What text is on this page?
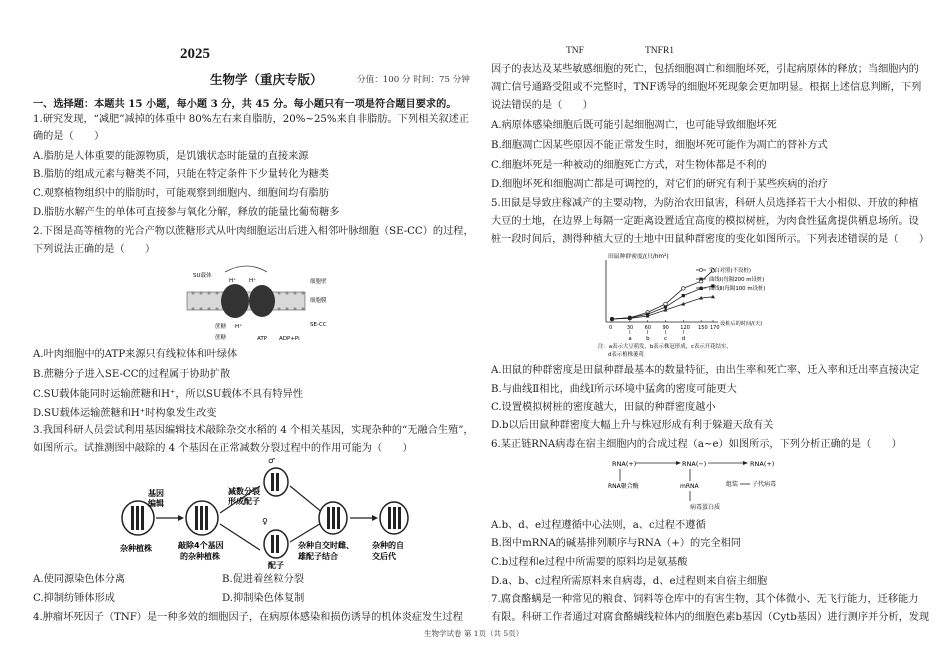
2025
生物学（重庆专版）	分值：100 分 时间：75 分钟
一、选择题：本题共 15 小题，每小题 3 分，共 45 分。每小题只有一项是符合题目要求的。
1.研究发现，“减肥”减掉的体重中 80%左右来自脂肪，20%~25%来自非脂肪。下列相关叙述正
确的是（　　）
A.脂肪是人体重要的能源物质，是饥饿状态时能量的直接来源
B.脂肪的组成元素与糖类不同，只能在特定条件下少量转化为糖类
C.观察植物组织中的脂肪时，可能观察到细胞内、细胞间均有脂肪
D.脂肪水解产生的单体可直接参与氧化分解，释放的能量比葡萄糖多
2.下图是高等植物的光合产物以蔗糖形式从叶肉细胞运出后进入相邻叶脉细胞（SE-CC）的过程，
下列说法正确的是（　　）
SU载体
H⁺ H⁺	细胞壁
细胞膜
SE-CC
蔗糖 H⁺
蔗糖	ATP ADP+Pi
A.叶肉细胞中的ATP来源只有线粒体和叶绿体
B.蔗糖分子进入SE-CC的过程属于协助扩散
C.SU载体能同时运输蔗糖和H⁺，所以SU载体不具有特异性
D.SU载体运输蔗糖和H⁺时构象发生改变
3.我国科研人员尝试利用基因编辑技术敲除杂交水稻的 4 个相关基因，实现杂种的“无融合生殖”，
如图所示。试推测图中敲除的 4 个基因在正常减数分裂过程中的作用可能为（　　）
杂种植株
基因
编辑
敲除4个基因
的杂种植株
减数分裂
形成配子
♂
♀
配子
杂种自交时雌、
雄配子结合
杂种的自
交后代
A.使同源染色体分离	B.促进着丝粒分裂
C.抑制纺锤体形成	D.抑制染色体复制
4.肿瘤坏死因子（TNF）是一种多效的细胞因子，在病原体感染和损伤诱导的机体炎症发生过程
TNF	TNFR1
因子的表达及某些敏感细胞的死亡，包括细胞凋亡和细胞坏死，引起病原体的释放；当细胞内的
凋亡信号通路受阻或不完整时，TNF诱导的细胞坏死现象会更加明显。根据上述信息判断，下列
说法错误的是（　　）
A.病原体感染细胞后既可能引起细胞凋亡，也可能导致细胞坏死
B.细胞凋亡因某些原因不能正常发生时，细胞坏死可能作为凋亡的替补方式
C.细胞坏死是一种被动的细胞死亡方式，对生物体都是不利的
D.细胞坏死和细胞凋亡都是可调控的，对它们的研究有利于某些疾病的治疗
5.田鼠是导致庄稼减产的主要动物，为防治农田鼠害，科研人员选择若干大小相似、开放的种植
大豆的土地，在边界上每隔一定距离设置适宜高度的模拟树桩，为肉食性猛禽提供栖息场所。设
桩一段时间后，测得种植大豆的土地中田鼠种群密度的变化如图所示。下列表述错误的是（　　）
田鼠种群密度/(只/hm²)
设桩后的时间/(天)
0	30 60 90 120 150 170
空白对照(不设桩)
曲线Ⅰ(每隔200 m设桩)
曲线Ⅱ(每隔100 m设桩)
a	b	c	d
注：a表示大豆萌发，b表示株冠形成，c表示开花结实，
d表示植株萎蔫
A.田鼠的种群密度是田鼠种群最基本的数量特征，由出生率和死亡率、迁入率和迁出率直接决定
B.与曲线Ⅱ相比，曲线Ⅰ所示环境中猛禽的密度可能更大
C.设置模拟树桩的密度越大，田鼠的种群密度越小
D.b以后田鼠种群密度大幅上升与株冠形成有利于躲避天敌有关
6.某正链RNA病毒在宿主细胞内的合成过程（a~e）如图所示，下列分析正确的是（　　）
RNA(+)	RNA(−)	RNA(+)
RNA聚合酶	mRNA	组装 子代病毒
病毒蛋白质
A.b、d、e过程遵循中心法则，a、c过程不遵循
B.图中mRNA的碱基排列顺序与RNA（+）的完全相同
C.b过程和e过程中所需要的原料均是氨基酸
D.a、b、c过程所需原料来自病毒，d、e过程则来自宿主细胞
7.腐食酪螨是一种常见的粮食、饲料等仓库中的有害生物，其个体微小、无飞行能力，迁移能力
有限。科研工作者通过对腐食酪螨线粒体内的细胞色素b基因（Cytb基因）进行测序并分析，发现
生物学试卷 第 1页（共 5页）
